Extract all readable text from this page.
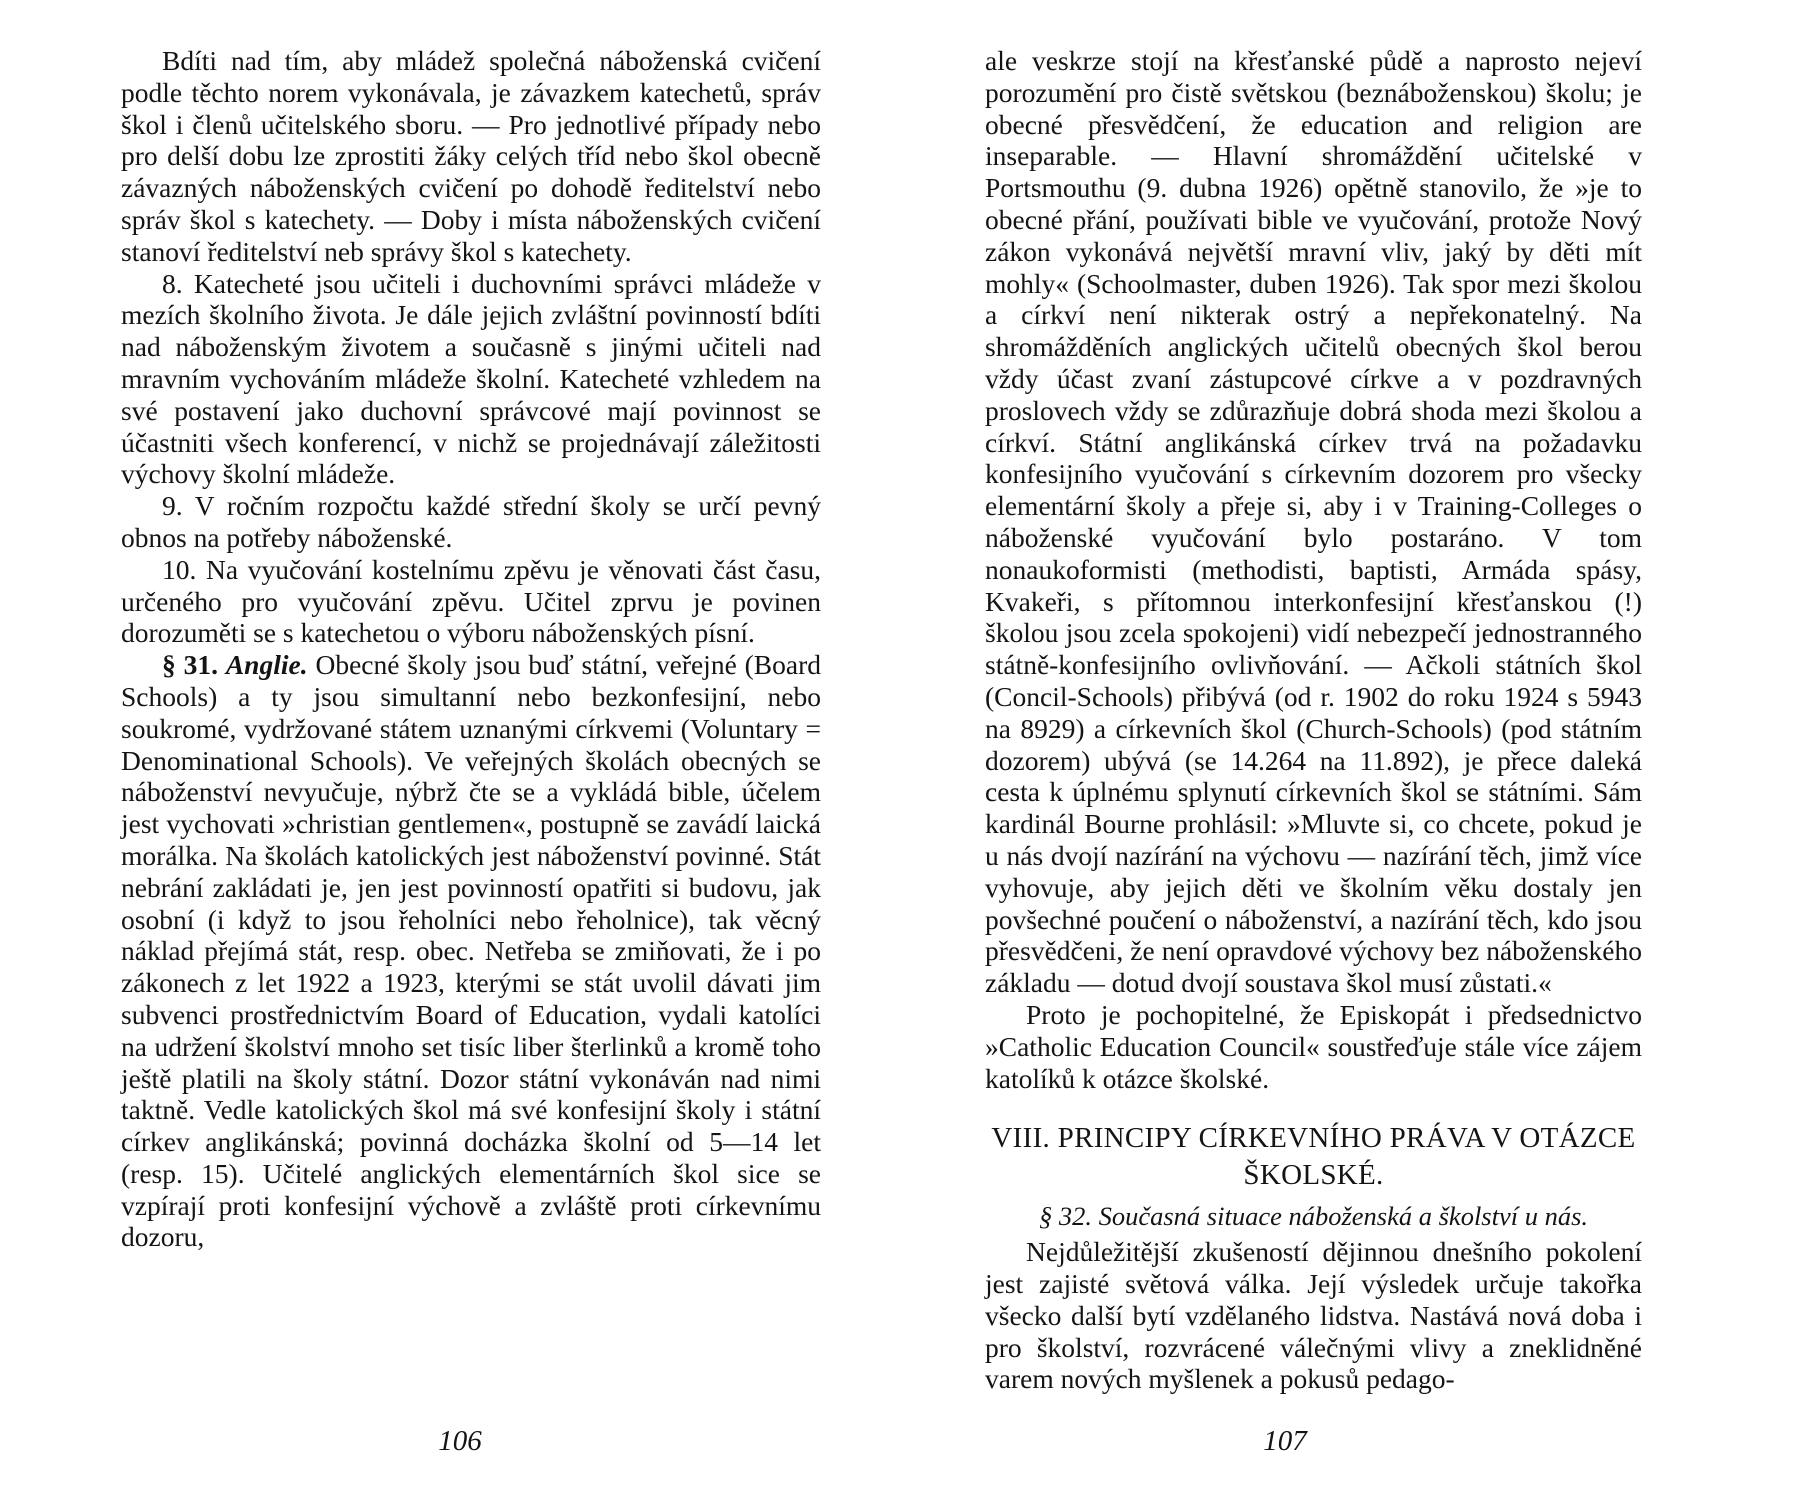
Bdíti nad tím, aby mládež společná náboženská cvičení podle těchto norem vykonávala, je závazkem katechetů, správ škol i členů učitelského sboru. — Pro jednotlivé případy nebo pro delší dobu lze zprostiti žáky celých tříd nebo škol obecně závazných náboženských cvičení po dohodě ředitelství nebo správ škol s katechety. — Doby i místa náboženských cvičení stanoví ředitelství neb správy škol s katechety.

8. Katecheté jsou učiteli i duchovními správci mládeže v mezích školního života. Je dále jejich zvláštní povinností bdíti nad náboženským životem a současně s jinými učiteli nad mravním vychováním mládeže školní. Katecheté vzhledem na své postavení jako duchovní správcové mají povinnost se účastniti všech konferencí, v nichž se projednávají záležitosti výchovy školní mládeže.

9. V ročním rozpočtu každé střední školy se určí pevný obnos na potřeby náboženské.

10. Na vyučování kostelnímu zpěvu je věnovati část času, určeného pro vyučování zpěvu. Učitel zprvu je povinen dorozuměti se s katechetou o výboru náboženských písní.

§ 31. Anglie. Obecné školy jsou buď státní, veřejné (Board Schools) a ty jsou simultanní nebo bezkonfesijní, nebo soukromé, vydržované státem uznanými církvemi (Voluntary = Denominational Schools). Ve veřejných školách obecných se náboženství nevyučuje, nýbrž čte se a vykládá bible, účelem jest vychovati »christian gentlemen«, postupně se zavádí laická morálka. Na školách katolických jest náboženství povinné. Stát nebrání zakládati je, jen jest povinností opatřiti si budovu, jak osobní (i když to jsou řeholníci nebo řeholnice), tak věcný náklad přejímá stát, resp. obec. Netřeba se zmiňovati, že i po zákonech z let 1922 a 1923, kterými se stát uvolil dávati jim subvenci prostřednictvím Board of Education, vydali katolíci na udržení školství mnoho set tisíc liber šterlinků a kromě toho ještě platili na školy státní. Dozor státní vykonáván nad nimi taktně. Vedle katolických škol má své konfesijní školy i státní církev anglikánská; povinná docházka školní od 5—14 let (resp. 15). Učitelé anglických elementárních škol sice se vzpírají proti konfesijní výchově a zvláště proti církevnímu dozoru,

106

ale veskrze stojí na křesťanské půdě a naprosto nejeví porozumění pro čistě světskou (beznáboženskou) školu; je obecné přesvědčení, že education and religion are inseparable. — Hlavní shromáždění učitelské v Portsmouthu (9. dubna 1926) opětně stanovilo, že »je to obecné přání, používati bible ve vyučování, protože Nový zákon vykonává největší mravní vliv, jaký by děti mít mohly« (Schoolmaster, duben 1926). Tak spor mezi školou a církví není nikterak ostrý a nepřekonatelný. Na shromážděních anglických učitelů obecných škol berou vždy účast zvaní zástupcové církve a v pozdravných proslovech vždy se zdůrazňuje dobrá shoda mezi školou a církví. Státní anglikánská církev trvá na požadavku konfesijního vyučování s církevním dozorem pro všecky elementární školy a přeje si, aby i v Training-Colleges o náboženské vyučování bylo postaráno. V tom nonaukoformisti (methodisti, baptisti, Armáda spásy, Kvakeři, s přítomnou interkonfesijní křesťanskou (!) školou jsou zcela spokojeni) vidí nebezpečí jednostranného státně-konfesijního ovlivňování. — Ačkoli státních škol (Concil-Schools) přibývá (od r. 1902 do roku 1924 s 5943 na 8929) a církevních škol (Church-Schools) (pod státním dozorem) ubývá (se 14.264 na 11.892), je přece daleká cesta k úplnému splynutí církevních škol se státními. Sám kardinál Bourne prohlásil: »Mluvte si, co chcete, pokud je u nás dvojí nazírání na výchovu — nazírání těch, jimž více vyhovuje, aby jejich děti ve školním věku dostaly jen povšechné poučení o náboženství, a nazírání těch, kdo jsou přesvědčeni, že není opravdové výchovy bez náboženského základu — dotud dvojí soustava škol musí zůstati.«

Proto je pochopitelné, že Episkopát i předsednictvo »Catholic Education Council« soustřeďuje stále více zájem katolíků k otázce školské.

VIII. PRINCIPY CÍRKEVNÍHO PRÁVA V OTÁZCE ŠKOLSKÉ.
§ 32. Současná situace náboženská a školství u nás.

Nejdůležitější zkušeností dějinnou dnešního pokolení jest zajisté světová válka. Její výsledek určuje takořka všecko další bytí vzdělaného lidstva. Nastává nová doba i pro školství, rozvrácené válečnými vlivy a zneklidněné varem nových myšlenek a pokusů pedago-

107
